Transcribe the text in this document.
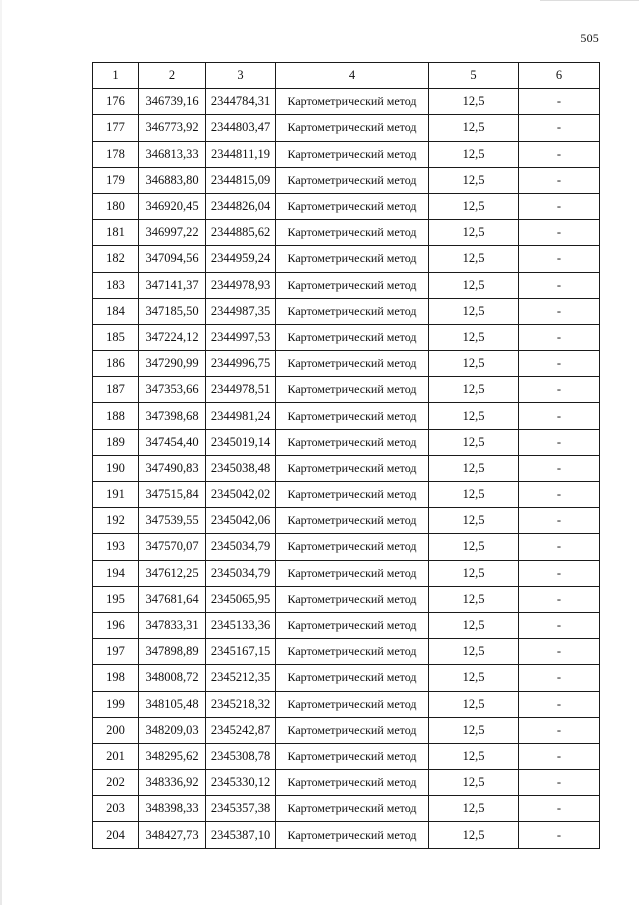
505
1	2	3	4	5	6
176	346739,16	2344784,31	Картометрический метод	12,5	-
177	346773,92	2344803,47	Картометрический метод	12,5	-
178	346813,33	2344811,19	Картометрический метод	12,5	-
179	346883,80	2344815,09	Картометрический метод	12,5	-
180	346920,45	2344826,04	Картометрический метод	12,5	-
181	346997,22	2344885,62	Картометрический метод	12,5	-
182	347094,56	2344959,24	Картометрический метод	12,5	-
183	347141,37	2344978,93	Картометрический метод	12,5	-
184	347185,50	2344987,35	Картометрический метод	12,5	-
185	347224,12	2344997,53	Картометрический метод	12,5	-
186	347290,99	2344996,75	Картометрический метод	12,5	-
187	347353,66	2344978,51	Картометрический метод	12,5	-
188	347398,68	2344981,24	Картометрический метод	12,5	-
189	347454,40	2345019,14	Картометрический метод	12,5	-
190	347490,83	2345038,48	Картометрический метод	12,5	-
191	347515,84	2345042,02	Картометрический метод	12,5	-
192	347539,55	2345042,06	Картометрический метод	12,5	-
193	347570,07	2345034,79	Картометрический метод	12,5	-
194	347612,25	2345034,79	Картометрический метод	12,5	-
195	347681,64	2345065,95	Картометрический метод	12,5	-
196	347833,31	2345133,36	Картометрический метод	12,5	-
197	347898,89	2345167,15	Картометрический метод	12,5	-
198	348008,72	2345212,35	Картометрический метод	12,5	-
199	348105,48	2345218,32	Картометрический метод	12,5	-
200	348209,03	2345242,87	Картометрический метод	12,5	-
201	348295,62	2345308,78	Картометрический метод	12,5	-
202	348336,92	2345330,12	Картометрический метод	12,5	-
203	348398,33	2345357,38	Картометрический метод	12,5	-
204	348427,73	2345387,10	Картометрический метод	12,5	-
